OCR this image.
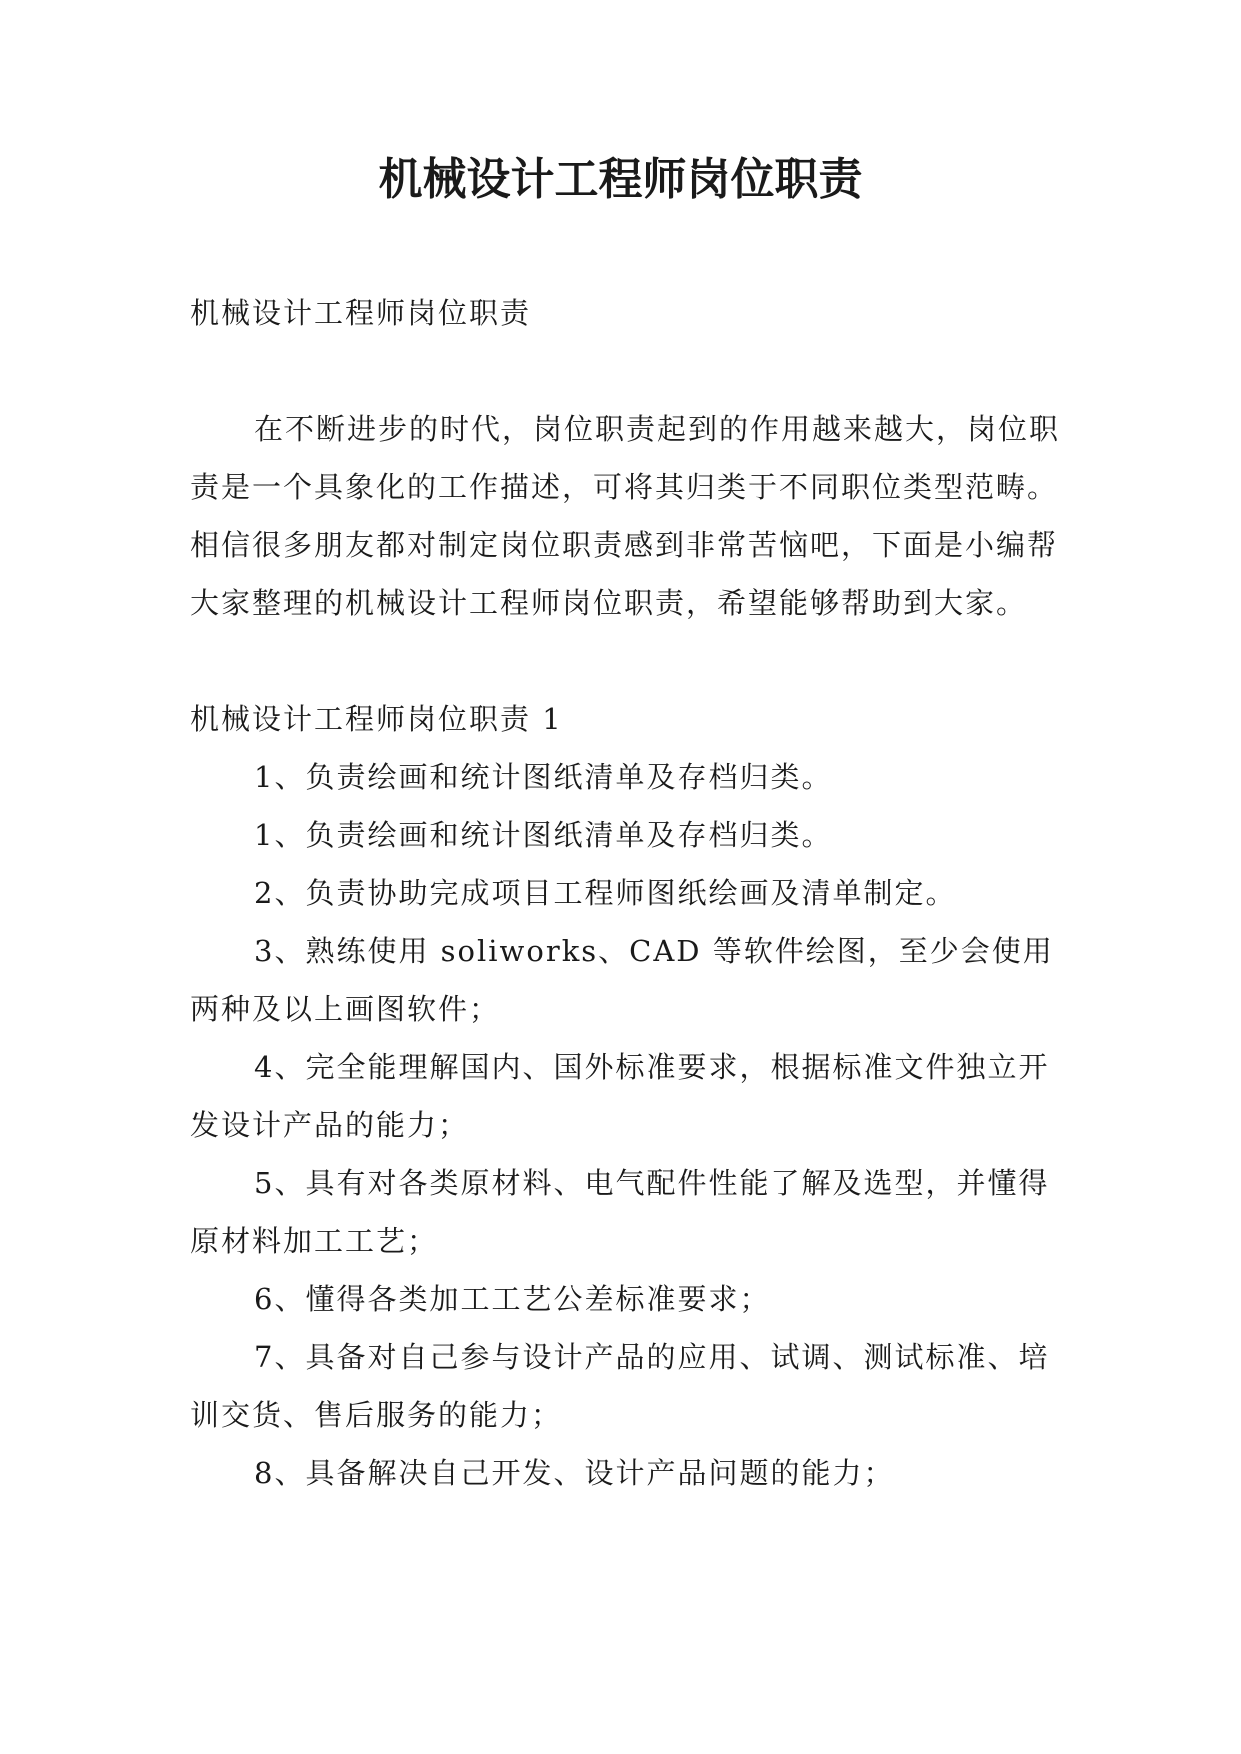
机械设计工程师岗位职责

机械设计工程师岗位职责

在不断进步的时代，岗位职责起到的作用越来越大，岗位职责是一个具象化的工作描述，可将其归类于不同职位类型范畴。相信很多朋友都对制定岗位职责感到非常苦恼吧，下面是小编帮大家整理的机械设计工程师岗位职责，希望能够帮助到大家。

机械设计工程师岗位职责 1

1、负责绘画和统计图纸清单及存档归类。

1、负责绘画和统计图纸清单及存档归类。

2、负责协助完成项目工程师图纸绘画及清单制定。

3、熟练使用 soliworks、CAD 等软件绘图，至少会使用两种及以上画图软件；

4、完全能理解国内、国外标准要求，根据标准文件独立开发设计产品的能力；

5、具有对各类原材料、电气配件性能了解及选型，并懂得原材料加工工艺；

6、懂得各类加工工艺公差标准要求；

7、具备对自己参与设计产品的应用、试调、测试标准、培训交货、售后服务的能力；

8、具备解决自己开发、设计产品问题的能力；
